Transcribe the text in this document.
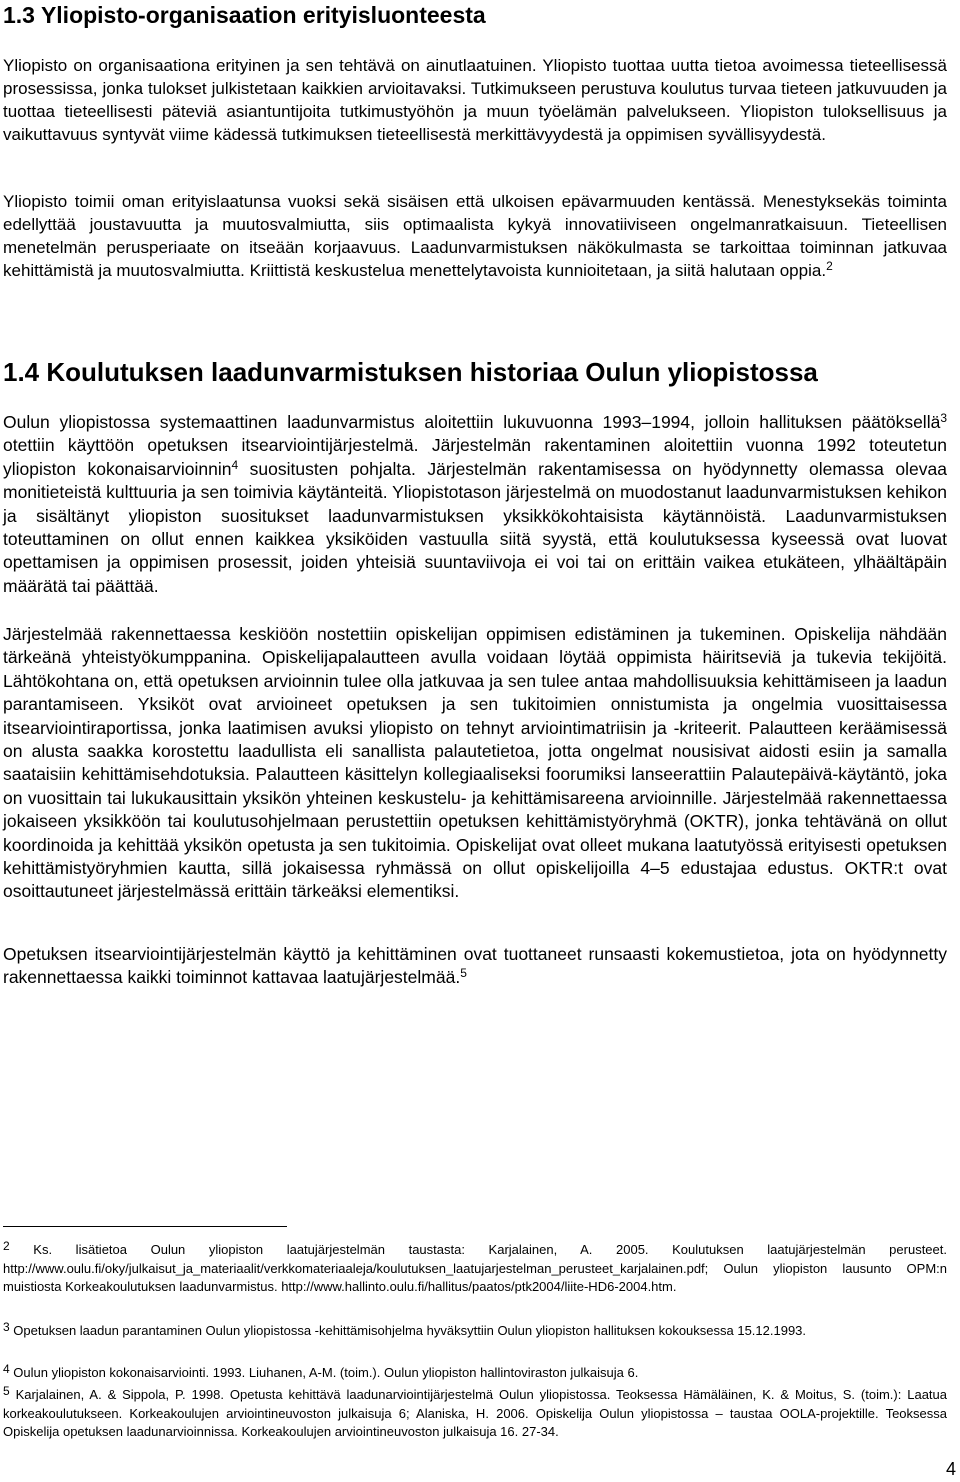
1.3 Yliopisto-organisaation erityisluonteesta

Yliopisto on organisaationa erityinen ja sen tehtävä on ainutlaatuinen. Yliopisto tuottaa uutta tietoa avoimessa tieteellisessä prosessissa, jonka tulokset julkistetaan kaikkien arvioitavaksi. Tutkimukseen perustuva koulutus turvaa tieteen jatkuvuuden ja tuottaa tieteellisesti päteviä asiantuntijoita tutkimustyöhön ja muun työelämän palvelukseen. Yliopiston tuloksellisuus ja vaikuttavuus syntyvät viime kädessä tutkimuksen tieteellisestä merkittävyydestä ja oppimisen syvällisyydestä.

Yliopisto toimii oman erityislaatunsa vuoksi sekä sisäisen että ulkoisen epävarmuuden kentässä. Menestyksekäs toiminta edellyttää joustavuutta ja muutosvalmiutta, siis optimaalista kykyä innovatiiviseen ongelmanratkaisuun. Tieteellisen menetelmän perusperiaate on itseään korjaavuus. Laadunvarmistuksen näkökulmasta se tarkoittaa toiminnan jatkuvaa kehittämistä ja muutosvalmiutta. Kriittistä keskustelua menettelytavoista kunnioitetaan, ja siitä halutaan oppia.$^2$

1.4 Koulutuksen laadunvarmistuksen historiaa Oulun yliopistossa

Oulun yliopistossa systemaattinen laadunvarmistus aloitettiin lukuvuonna 1993–1994, jolloin hallituksen päätöksellä$^3$ otettiin käyttöön opetuksen itsearviointijärjestelmä. Järjestelmän rakentaminen aloitettiin vuonna 1992 toteutetun yliopiston kokonaisarvioinnin$^4$ suositusten pohjalta. Järjestelmän rakentamisessa on hyödynnetty olemassa olevaa monitieteistä kulttuuria ja sen toimivia käytänteitä. Yliopistotason järjestelmä on muodostanut laadunvarmistuksen kehikon ja sisältänyt yliopiston suositukset laadunvarmistuksen yksikkökohtaisista käytännöistä. Laadunvarmistuksen toteuttaminen on ollut ennen kaikkea yksiköiden vastuulla siitä syystä, että koulutuksessa kyseessä ovat luovat opettamisen ja oppimisen prosessit, joiden yhteisiä suuntaviivoja ei voi tai on erittäin vaikea etukäteen, ylhäältäpäin määrätä tai päättää.

Järjestelmää rakennettaessa keskiöön nostettiin opiskelijan oppimisen edistäminen ja tukeminen. Opiskelija nähdään tärkeänä yhteistyökumppanina. Opiskelijapalautteen avulla voidaan löytää oppimista häiritseviä ja tukevia tekijöitä. Lähtökohtana on, että opetuksen arvioinnin tulee olla jatkuvaa ja sen tulee antaa mahdollisuuksia kehittämiseen ja laadun parantamiseen. Yksiköt ovat arvioineet opetuksen ja sen tukitoimien onnistumista ja ongelmia vuosittaisessa itsearviointiraportissa, jonka laatimisen avuksi yliopisto on tehnyt arviointimatriisin ja -kriteerit. Palautteen keräämisessä on alusta saakka korostettu laadullista eli sanallista palautetietoa, jotta ongelmat nousisivat aidosti esiin ja samalla saataisiin kehittämisehdotuksia. Palautteen käsittelyn kollegiaaliseksi foorumiksi lanseerattiin Palautepäivä-käytäntö, joka on vuosittain tai lukukausittain yksikön yhteinen keskustelu- ja kehittämisareena arvioinnille. Järjestelmää rakennettaessa jokaiseen yksikköön tai koulutusohjelmaan perustettiin opetuksen kehittämistyöryhmä (OKTR), jonka tehtävänä on ollut koordinoida ja kehittää yksikön opetusta ja sen tukitoimia. Opiskelijat ovat olleet mukana laatutyössä erityisesti opetuksen kehittämistyöryhmien kautta, sillä jokaisessa ryhmässä on ollut opiskelijoilla 4–5 edustajaa edustus. OKTR:t ovat osoittautuneet järjestelmässä erittäin tärkeäksi elementiksi.

Opetuksen itsearviointijärjestelmän käyttö ja kehittäminen ovat tuottaneet runsaasti kokemustietoa, jota on hyödynnetty rakennettaessa kaikki toiminnot kattavaa laatujärjestelmää.$^5$

$^2$ Ks. lisätietoa Oulun yliopiston laatujärjestelmän taustasta: Karjalainen, A. 2005. Koulutuksen laatujärjestelmän perusteet. http://www.oulu.fi/oky/julkaisut_ja_materiaalit/verkkomateriaaleja/koulutuksen_laatujarjestelman_perusteet_karjalainen.pdf; Oulun yliopiston lausunto OPM:n muistiosta Korkeakoulutuksen laadunvarmistus. http://www.hallinto.oulu.fi/hallitus/paatos/ptk2004/liite-HD6-2004.htm.

$^3$ Opetuksen laadun parantaminen Oulun yliopistossa -kehittämisohjelma hyväksyttiin Oulun yliopiston hallituksen kokouksessa 15.12.1993.

$^4$ Oulun yliopiston kokonaisarviointi. 1993. Liuhanen, A-M. (toim.). Oulun yliopiston hallintoviraston julkaisuja 6.

$^5$ Karjalainen, A. & Sippola, P. 1998. Opetusta kehittävä laadunarviointijärjestelmä Oulun yliopistossa. Teoksessa Hämäläinen, K. & Moitus, S. (toim.): Laatua korkeakoulutukseen. Korkeakoulujen arviointineuvoston julkaisuja 6; Alaniska, H. 2006. Opiskelija Oulun yliopistossa – taustaa OOLA-projektille. Teoksessa Opiskelija opetuksen laadunarvioinnissa. Korkeakoulujen arviointineuvoston julkaisuja 16. 27-34.

4
